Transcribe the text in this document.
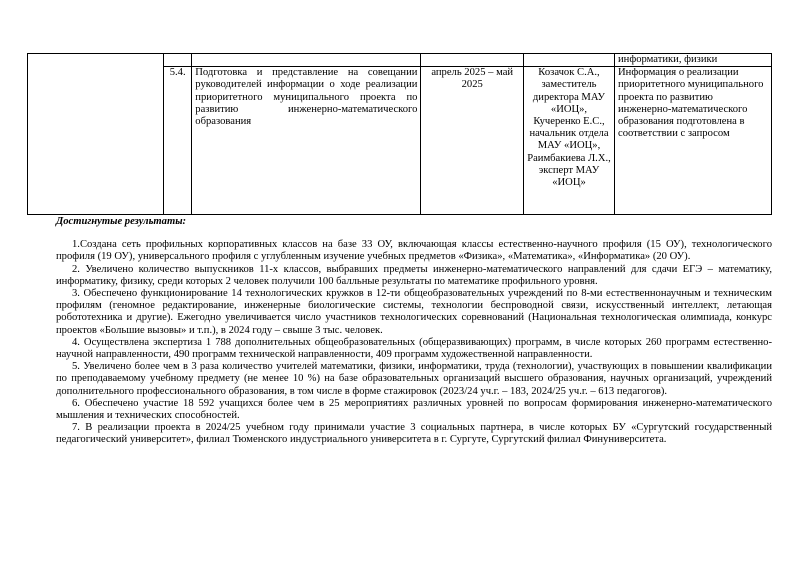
					информатики, физики
	5.4.	Подготовка и представление на совещании руководителей информации о ходе реализации приоритетного муниципального проекта по развитию инженерно-математического образования	апрель 2025 – май 2025	Козачок С.А., заместитель директора МАУ «ИОЦ», Кучеренко Е.С., начальник отдела МАУ «ИОЦ», Раимбакиева Л.Х., эксперт МАУ «ИОЦ»	Информация о реализации приоритетного муниципального проекта по развитию инженерно-математического образования подготовлена в соответствии с запросом
Достигнутые результаты:

1.Создана сеть профильных корпоративных классов на базе 33 ОУ, включающая классы естественно-научного профиля (15 ОУ), технологического профиля (19 ОУ), универсального профиля с углубленным изучение учебных предметов «Физика», «Математика», «Информатика» (20 ОУ).

2. Увеличено количество выпускников 11-х классов, выбравших предметы инженерно-математического направлений для сдачи ЕГЭ – математику, информатику, физику, среди которых 2 человек получили 100 балльные результаты по математике профильного уровня.

3. Обеспечено функционирование 14 технологических кружков в 12-ти общеобразовательных учреждений по 8-ми естественнонаучным и техническим профилям (геномное редактирование, инженерные биологические системы, технологии беспроводной связи, искусственный интеллект, летающая робототехника и другие). Ежегодно увеличивается число участников технологических соревнований (Национальная технологическая олимпиада, конкурс проектов «Большие вызовы» и т.п.), в 2024 году – свыше 3 тыс. человек.

4. Осуществлена экспертиза 1 788 дополнительных общеобразовательных (общеразвивающих) программ, в числе которых 260 программ естественно-научной направленности, 490 программ технической направленности, 409 программ художественной направленности.

5. Увеличено более чем в 3 раза количество учителей математики, физики, информатики, труда (технологии), участвующих в повышении квалификации по преподаваемому учебному предмету (не менее 10 %) на базе образовательных организаций высшего образования, научных организаций, учреждений дополнительного профессионального образования, в том числе в форме стажировок (2023/24 уч.г. – 183, 2024/25 уч.г. – 613 педагогов).

6. Обеспечено участие 18 592 учащихся более чем в 25 мероприятиях различных уровней по вопросам формирования инженерно-математического мышления и технических способностей.

7. В реализации проекта в 2024/25 учебном году принимали участие 3 социальных партнера, в числе которых БУ «Сургутский государственный педагогический университет», филиал Тюменского индустриального университета в г. Сургуте, Сургутский филиал Финуниверситета.
